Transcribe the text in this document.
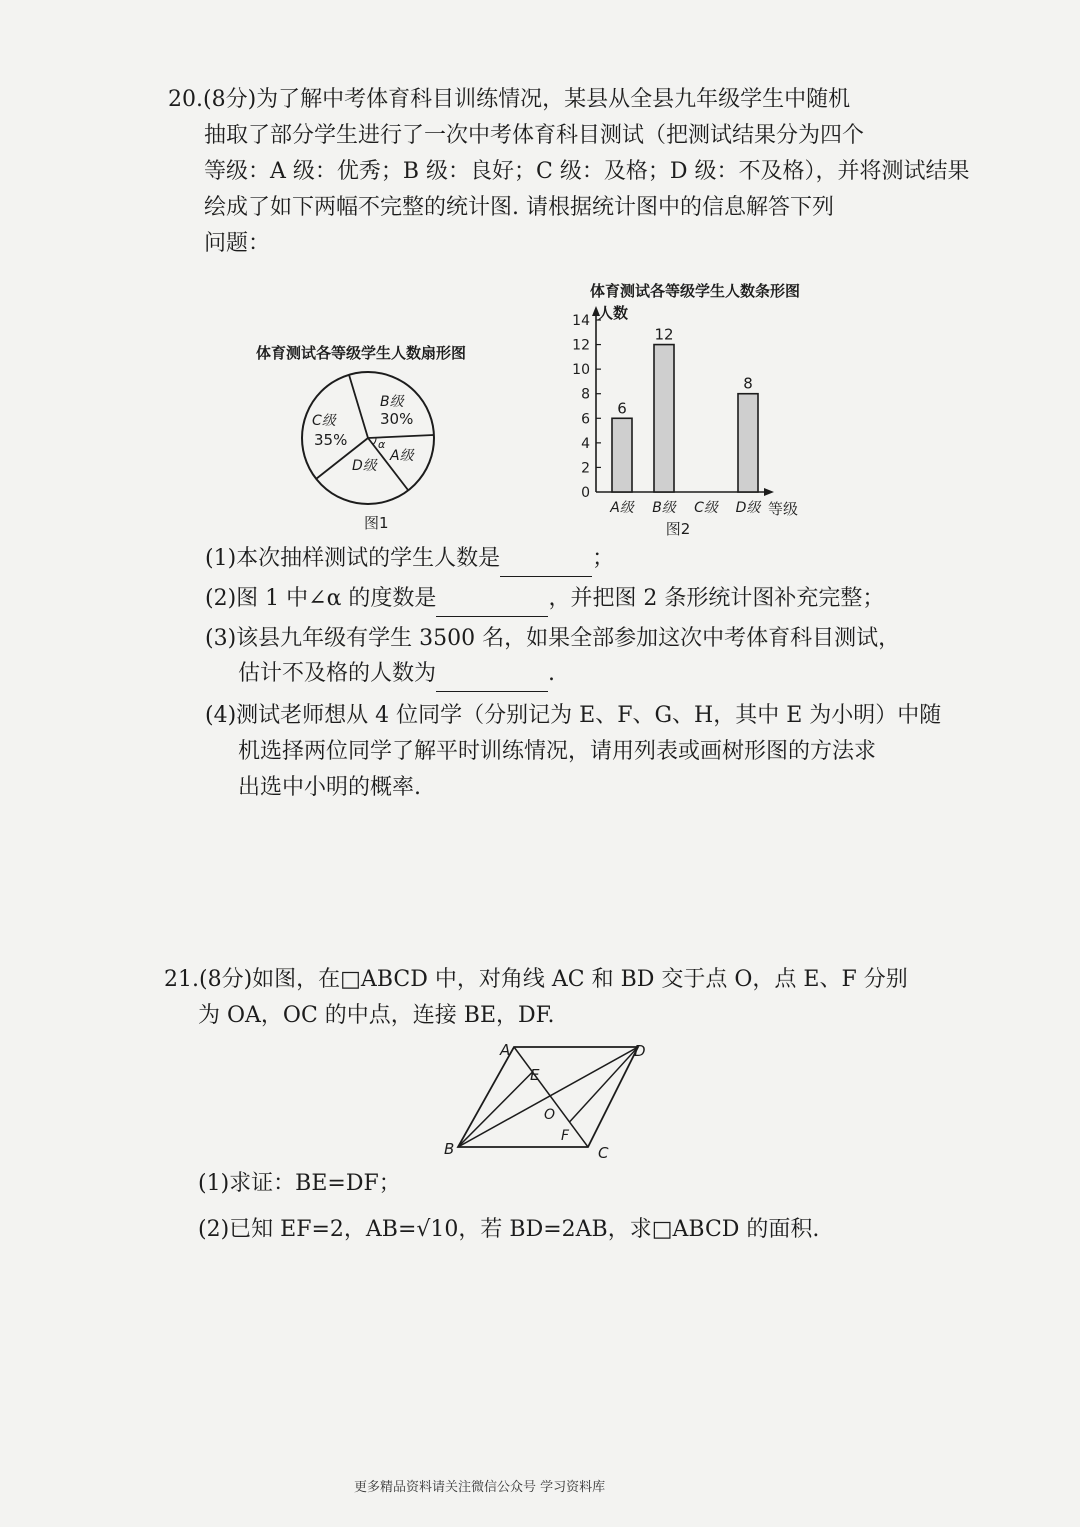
20.(8分)为了解中考体育科目训练情况，某县从全县九年级学生中随机
抽取了部分学生进行了一次中考体育科目测试（把测试结果分为四个
等级：A 级：优秀；B 级：良好；C 级：及格；D 级：不及格），并将测试结果
绘成了如下两幅不完整的统计图. 请根据统计图中的信息解答下列
问题：
体育测试各等级学生人数扇形图
B级
30%
C级
35%	α
A级
D级
图1
体育测试各等级学生人数条形图
人数
等级
0
2
4
6
8
10
12
14
6
A级
12
B级 C级
8
D级
图2
(1)本次抽样测试的学生人数是	；
(2)图 1 中∠α 的度数是	，并把图 2 条形统计图补充完整；
(3)该县九年级有学生 3500 名，如果全部参加这次中考体育科目测试，
估计不及格的人数为	.
(4)测试老师想从 4 位同学（分别记为 E、F、G、H，其中 E 为小明）中随
机选择两位同学了解平时训练情况，请用列表或画树形图的方法求
出选中小明的概率.
21.(8分)如图，在□ABCD 中，对角线 AC 和 BD 交于点 O，点 E、F 分别
为 OA，OC 的中点，连接 BE，DF.
A	D
E
O
F
B	C
(1)求证：BE=DF；
(2)已知 EF=2，AB=√10，若 BD=2AB，求□ABCD 的面积.
更多精品资料请关注微信公众号 学习资料库
